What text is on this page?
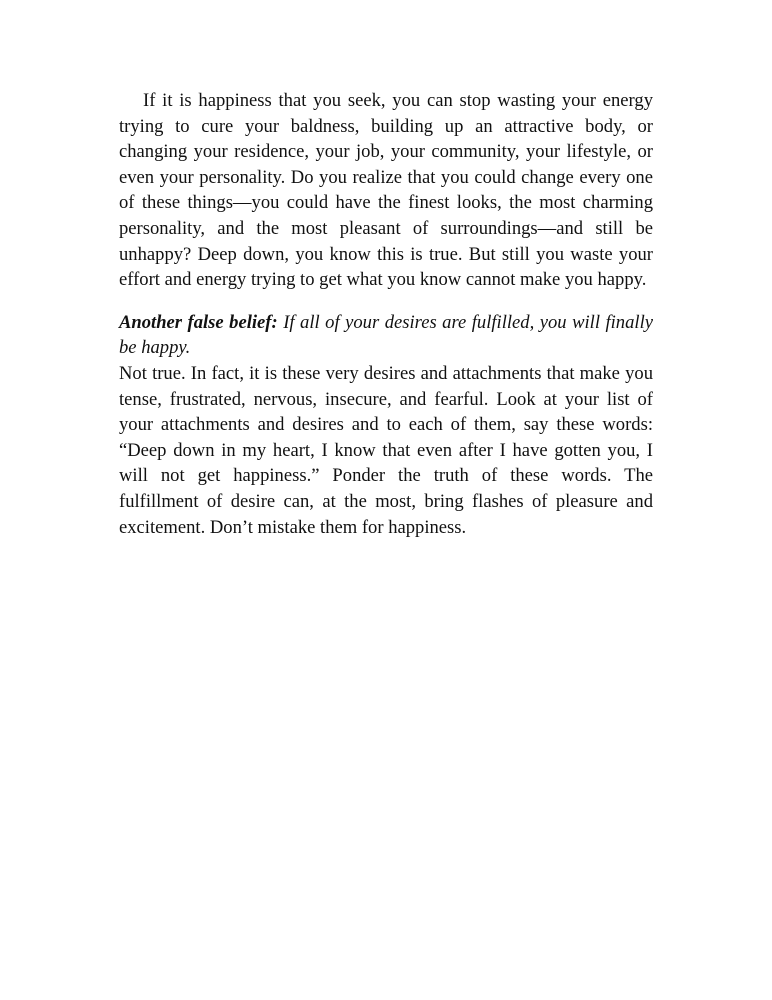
If it is happiness that you seek, you can stop wasting your energy trying to cure your baldness, building up an attractive body, or changing your residence, your job, your community, your lifestyle, or even your personality. Do you realize that you could change every one of these things—you could have the finest looks, the most charming personality, and the most pleasant of surroundings—and still be unhappy? Deep down, you know this is true. But still you waste your effort and energy trying to get what you know cannot make you happy.

Another false belief: If all of your desires are fulfilled, you will finally be happy.

Not true. In fact, it is these very desires and attachments that make you tense, frustrated, nervous, insecure, and fearful. Look at your list of your attachments and desires and to each of them, say these words: “Deep down in my heart, I know that even after I have gotten you, I will not get happiness.” Ponder the truth of these words. The fulfillment of desire can, at the most, bring flashes of pleasure and excitement. Don’t mistake them for happiness.
